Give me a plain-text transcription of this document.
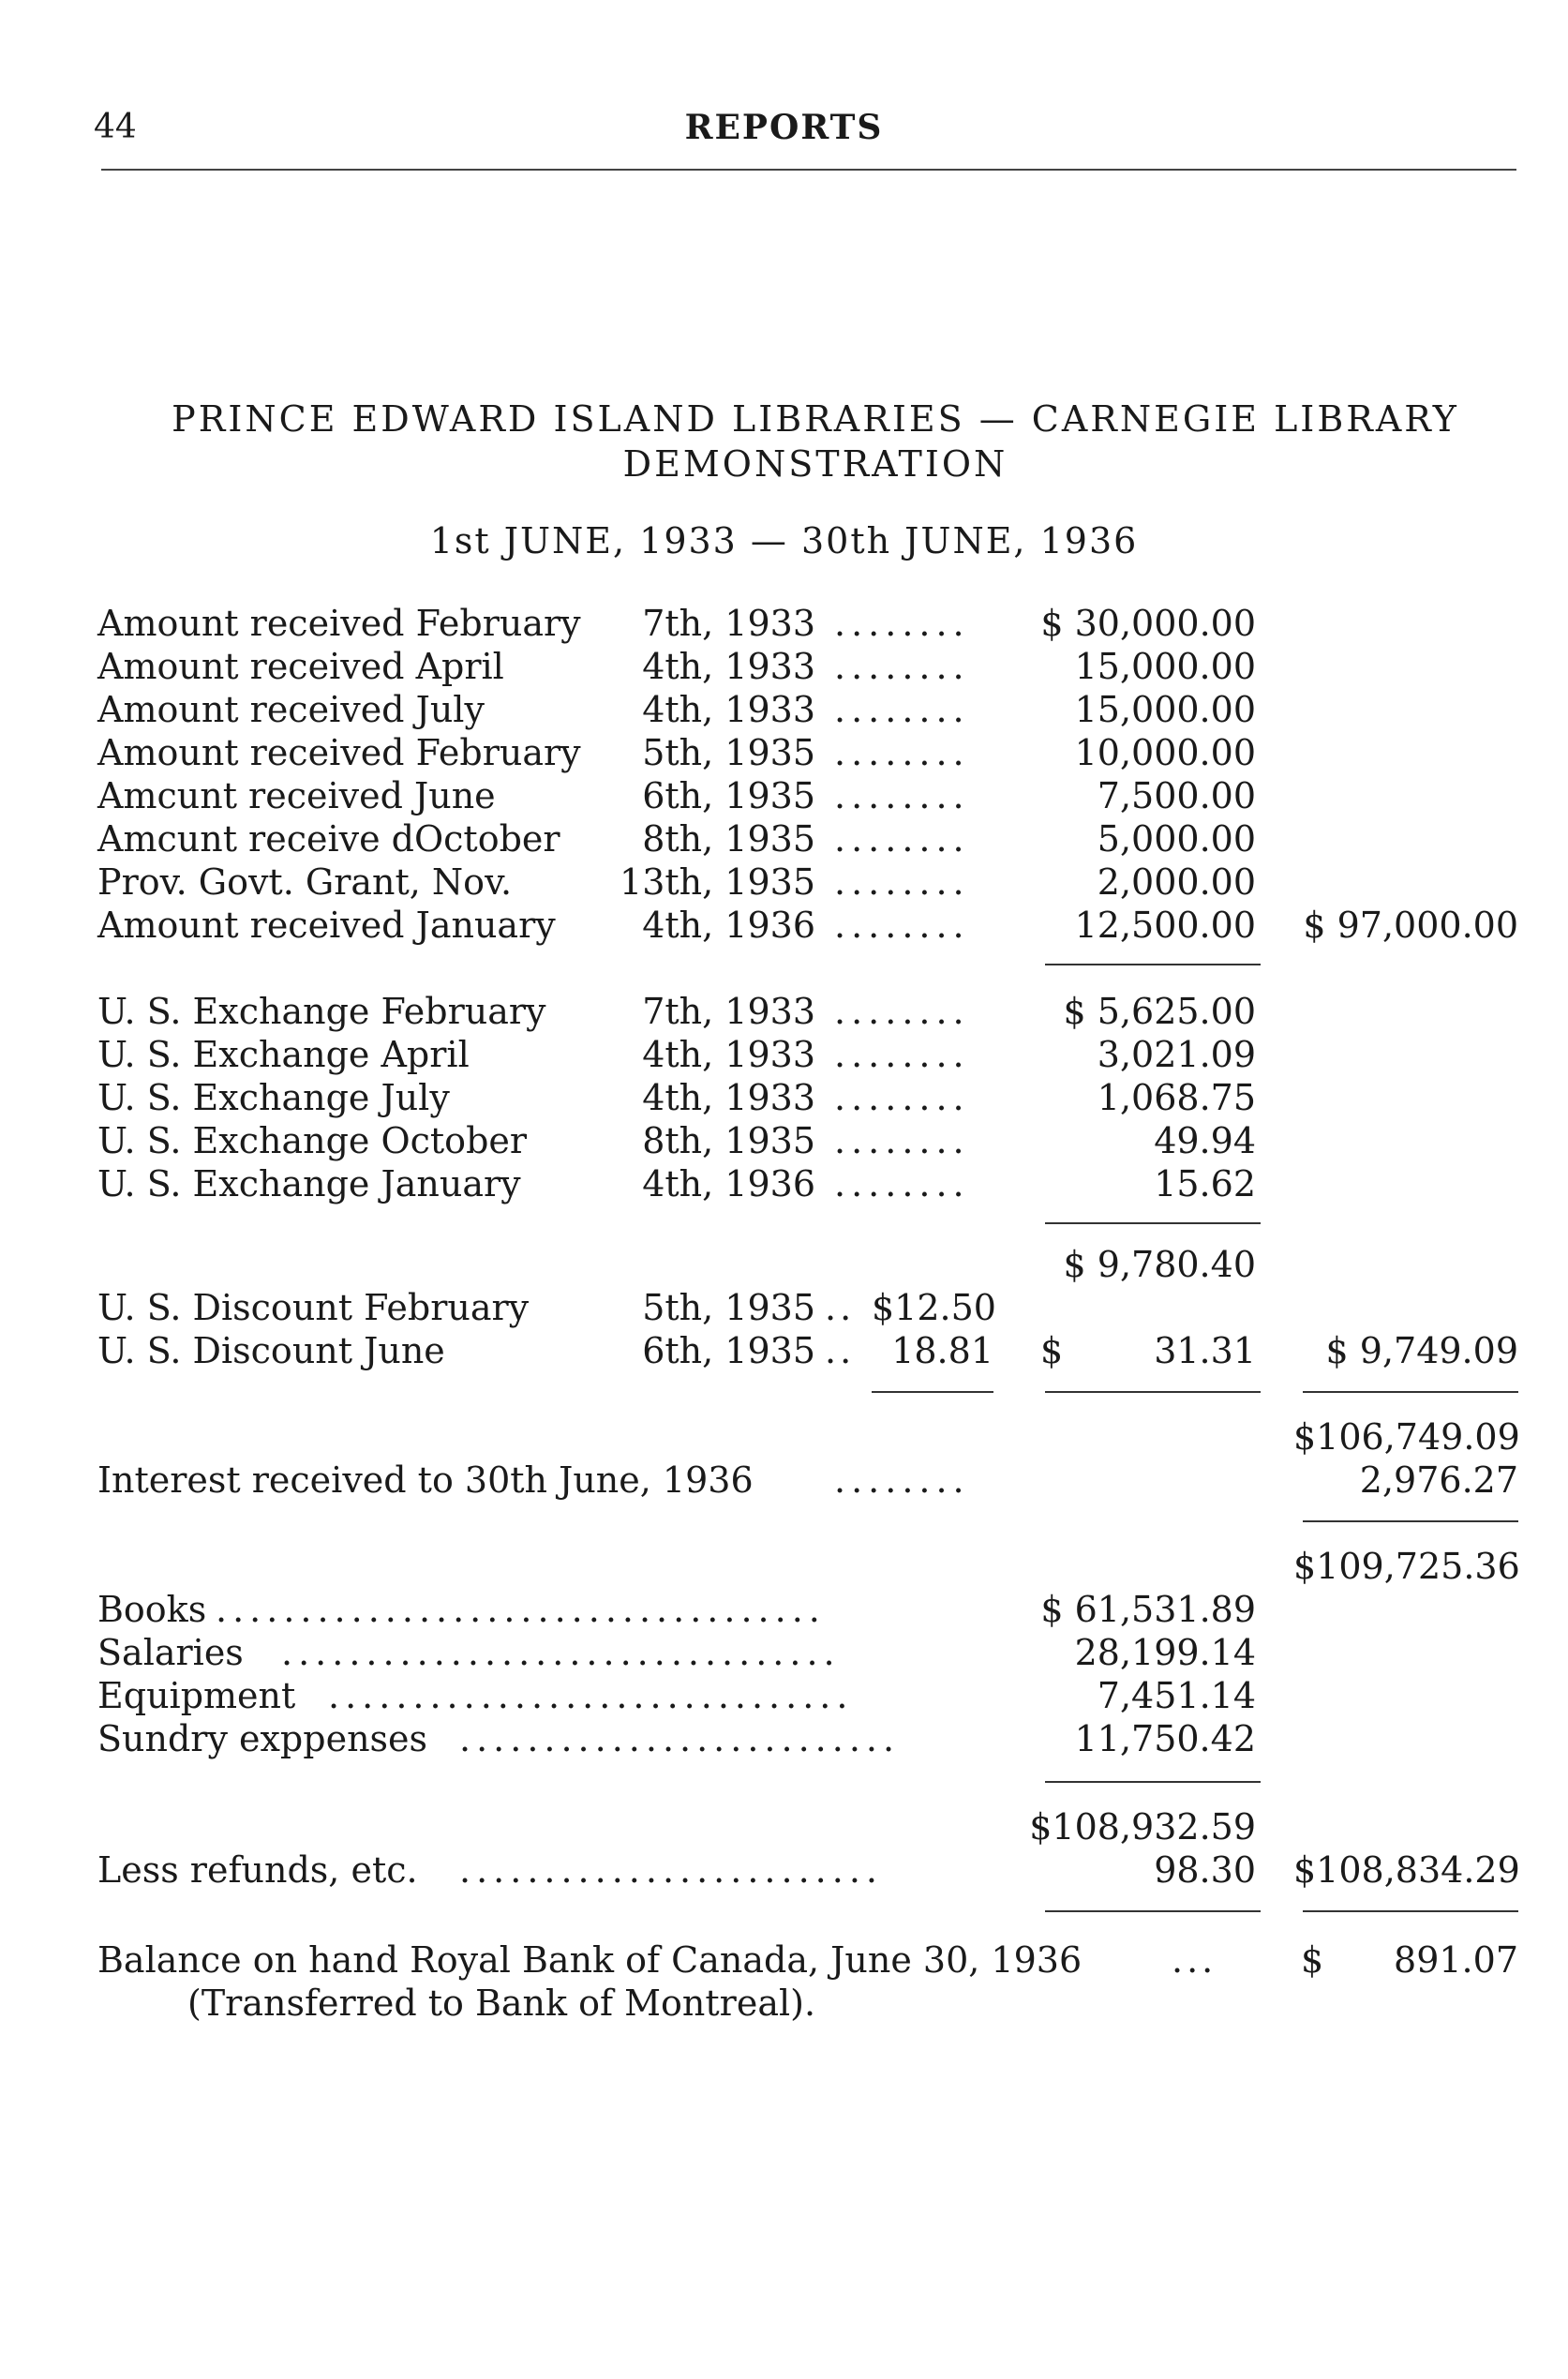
44	REPORTS
PRINCE EDWARD ISLAND LIBRARIES — CARNEGIE LIBRARY
DEMONSTRATION
1st JUNE, 1933 — 30th JUNE, 1936
Amount received February	7th, 1933 ........	$ 30,000.00
Amount received April	4th, 1933 ........	15,000.00
Amount received July	4th, 1933 ........	15,000.00
Amount received February	5th, 1935 ........	10,000.00
Amcunt received June	6th, 1935 ........	7,500.00
Amcunt receive dOctober	8th, 1935 ........	5,000.00
Prov. Govt. Grant, Nov.	13th, 1935 ........	2,000.00
Amount received January	4th, 1936 ........	12,500.00 $ 97,000.00
U. S. Exchange February	7th, 1933 ........	$ 5,625.00
U. S. Exchange April	4th, 1933 ........	3,021.09
U. S. Exchange July	4th, 1933 ........	1,068.75
U. S. Exchange October	8th, 1935 ........	49.94
U. S. Exchange January	4th, 1936 ........	15.62
$ 9,780.40
U. S. Discount February	5th, 1935 .. $12.50
U. S. Discount June	6th, 1935 ..	18.81 $	31.31	$ 9,749.09
$106,749.09
Interest received to 30th June, 1936 ........	2,976.27
$109,725.36
Books ....................................	$ 61,531.89
Salaries .................................	28,199.14
Equipment ...............................	7,451.14
Sundry exppenses ..........................	11,750.42
$108,932.59
Less refunds, etc. .........................	98.30 $108,834.29
Balance on hand Royal Bank of Canada, June 30, 1936	... $	891.07
(Transferred to Bank of Montreal).
